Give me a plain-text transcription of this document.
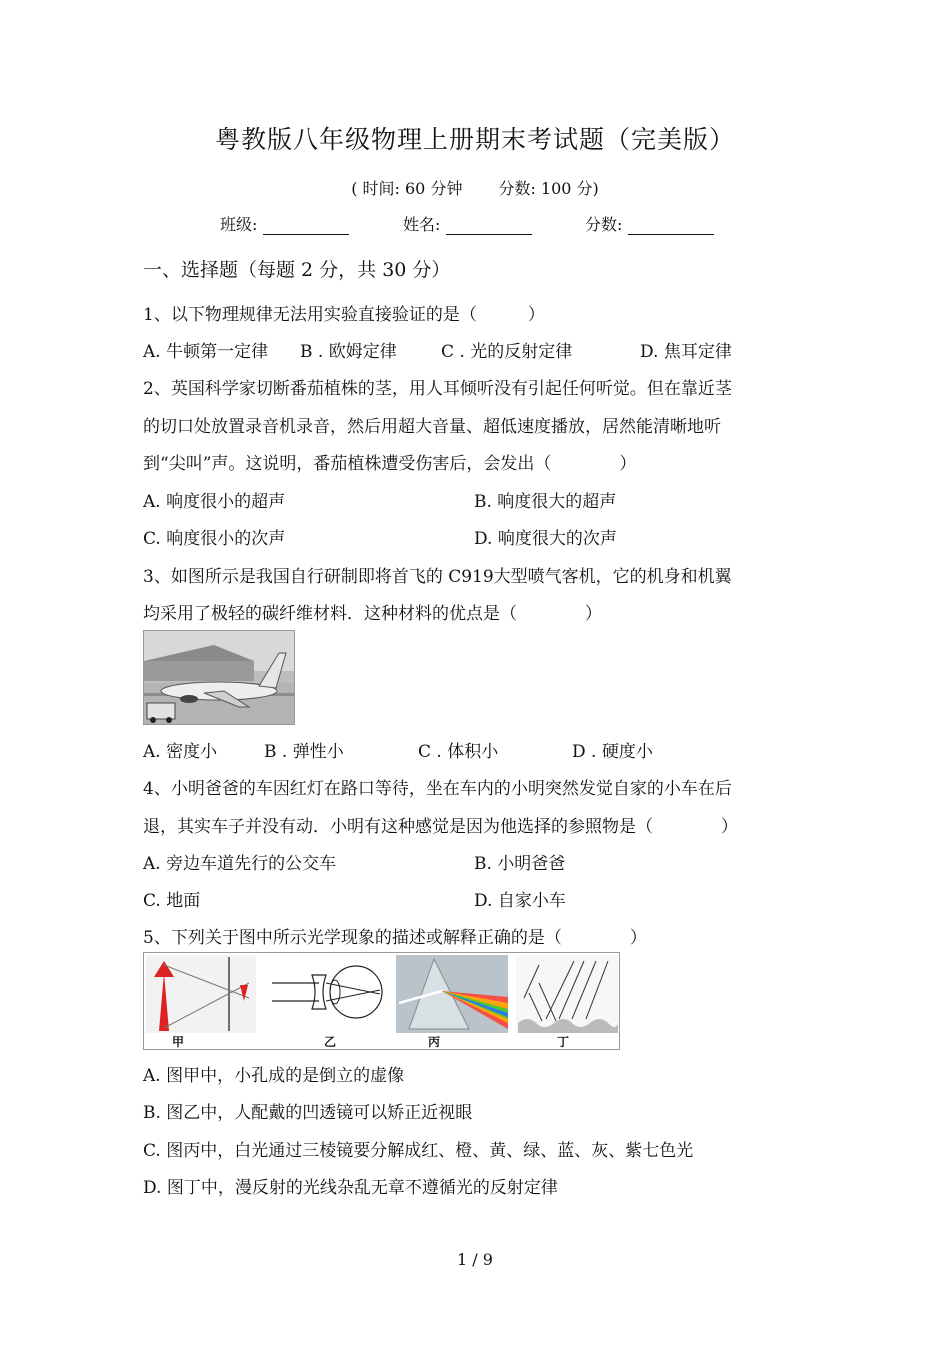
粤教版八年级物理上册期末考试题（完美版）
( 时间: 60 分钟 分数: 100 分)
班级:	姓名:	分数:
一、选择题（每题 2 分，共 30 分）
1、以下物理规律无法用实验直接验证的是（　　　）
A. 牛顿第一定律 B . 欧姆定律	C . 光的反射定律	D. 焦耳定律
2、英国科学家切断番茄植株的茎，用人耳倾听没有引起任何听觉。但在靠近茎
的切口处放置录音机录音，然后用超大音量、超低速度播放，居然能清晰地听
到“尖叫”声。这说明，番茄植株遭受伤害后，会发出（　　　　）
A. 响度很小的超声	B. 响度很大的超声
C. 响度很小的次声	D. 响度很大的次声
3、如图所示是我国自行研制即将首飞的 C919大型喷气客机，它的机身和机翼
均采用了极轻的碳纤维材料．这种材料的优点是（　　　　）
A. 密度小	B . 弹性小	C . 体积小	D . 硬度小
4、小明爸爸的车因红灯在路口等待，坐在车内的小明突然发觉自家的小车在后
退，其实车子并没有动．小明有这种感觉是因为他选择的参照物是（　　　　）
A. 旁边车道先行的公交车	B. 小明爸爸
C. 地面	D. 自家小车
5、下列关于图中所示光学现象的描述或解释正确的是（　　　　）
甲	乙	丙	丁
A. 图甲中，小孔成的是倒立的虚像
B. 图乙中，人配戴的凹透镜可以矫正近视眼
C. 图丙中，白光通过三棱镜要分解成红、橙、黄、绿、蓝、灰、紫七色光
D. 图丁中，漫反射的光线杂乱无章不遵循光的反射定律
1 / 9
